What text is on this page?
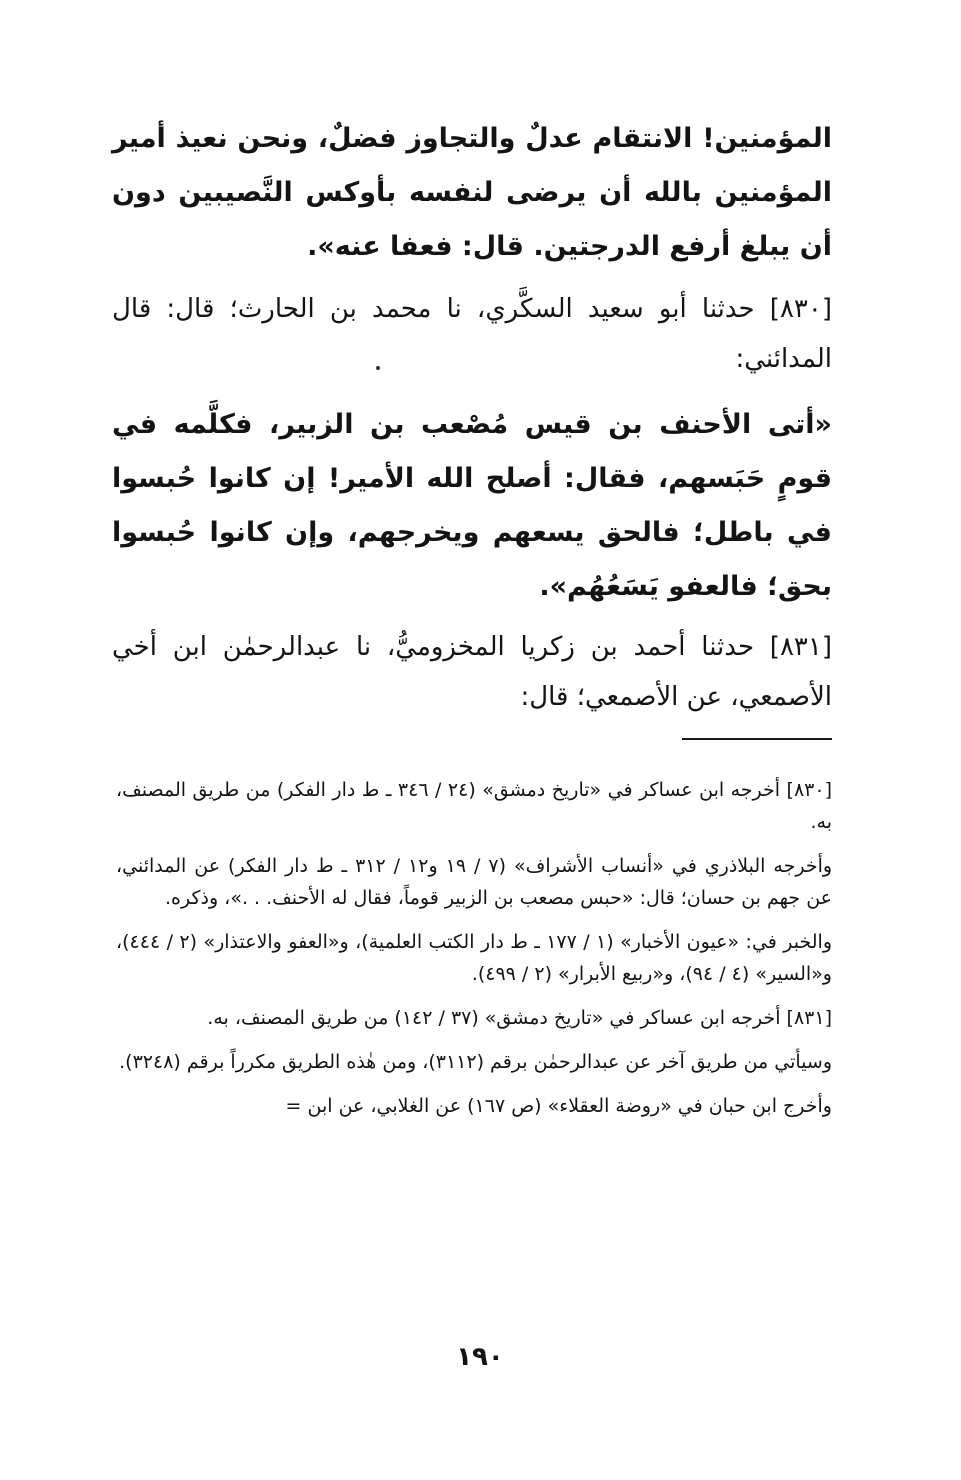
المؤمنين! الانتقام عدلٌ والتجاوز فضلٌ، ونحن نعيذ أمير المؤمنين بالله أن يرضى لنفسه بأوكس النَّصيبين دون أن يبلغ أرفع الدرجتين. قال: فعفا عنه».

[٨٣٠] حدثنا أبو سعيد السكَّري، نا محمد بن الحارث؛ قال: قال المدائني:

«أتى الأحنف بن قيس مُصْعب بن الزبير، فكلَّمه في قومٍ حَبَسهم، فقال: أصلح الله الأمير! إن كانوا حُبسوا في باطل؛ فالحق يسعهم ويخرجهم، وإن كانوا حُبسوا بحق؛ فالعفو يَسَعُهُم».

[٨٣١] حدثنا أحمد بن زكريا المخزوميُّ، نا عبدالرحمٰن ابن أخي الأصمعي، عن الأصمعي؛ قال:

[٨٣٠] أخرجه ابن عساكر في «تاريخ دمشق» (٢٤ / ٣٤٦ ـ ط دار الفكر) من طريق المصنف، به.

وأخرجه البلاذري في «أنساب الأشراف» (٧ / ١٩ و١٢ / ٣١٢ ـ ط دار الفكر) عن المدائني، عن جهم بن حسان؛ قال: «حبس مصعب بن الزبير قوماً، فقال له الأحنف. . .»، وذكره.

والخبر في: «عيون الأخبار» (١ / ١٧٧ ـ ط دار الكتب العلمية)، و«العفو والاعتذار» (٢ / ٤٤٤)، و«السير» (٤ / ٩٤)، و«ربيع الأبرار» (٢ / ٤٩٩).

[٨٣١] أخرجه ابن عساكر في «تاريخ دمشق» (٣٧ / ١٤٢) من طريق المصنف، به.

وسيأتي من طريق آخر عن عبدالرحمٰن برقم (٣١١٢)، ومن هٰذه الطريق مكرراً برقم (٣٢٤٨).

وأخرج ابن حبان في «روضة العقلاء» (ص ١٦٧) عن الغلابي، عن ابن =

١٩٠
